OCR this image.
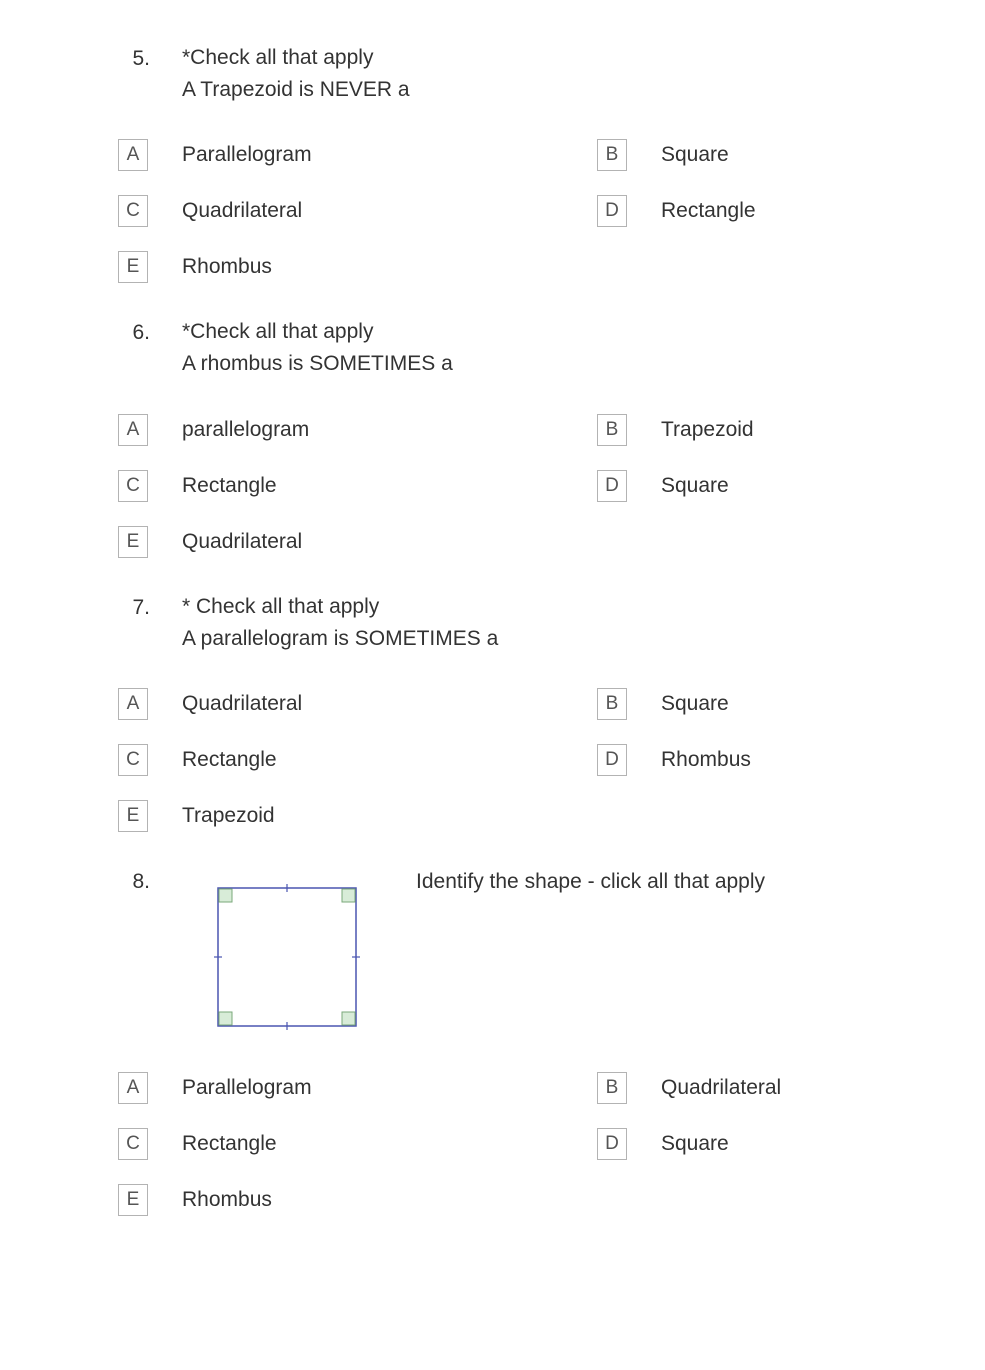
5. *Check all that apply
A Trapezoid is NEVER a
A	Parallelogram	B	Square
C	Quadrilateral	D	Rectangle
E	Rhombus
6. *Check all that apply
A rhombus is SOMETIMES a
A	parallelogram	B	Trapezoid
C	Rectangle	D	Square
E	Quadrilateral
7. * Check all that apply
A parallelogram is SOMETIMES a
A	Quadrilateral	B	Square
C	Rectangle	D	Rhombus
E	Trapezoid
8.	Identify the shape - click all that apply
A	Parallelogram	B	Quadrilateral
C	Rectangle	D	Square
E	Rhombus
